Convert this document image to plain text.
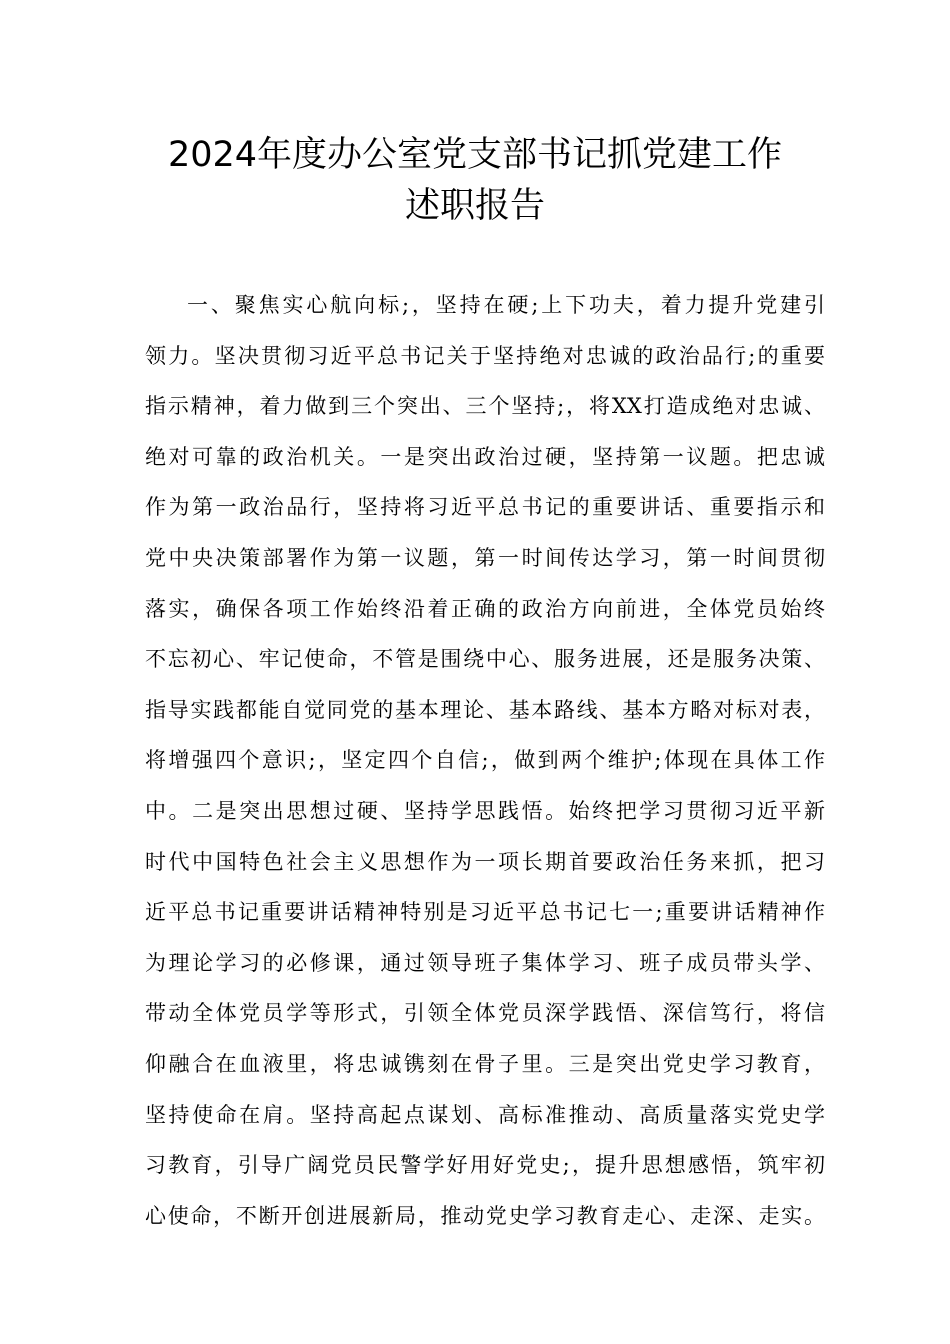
2024年度办公室党支部书记抓党建工作
述职报告
一、聚焦实心航向标;，坚持在硬;上下功夫，着力提升党建引
领力。坚决贯彻习近平总书记关于坚持绝对忠诚的政治品行;的重要
指示精神，着力做到三个突出、三个坚持;，将XX打造成绝对忠诚、
绝对可靠的政治机关。一是突出政治过硬，坚持第一议题。把忠诚
作为第一政治品行，坚持将习近平总书记的重要讲话、重要指示和
党中央决策部署作为第一议题，第一时间传达学习，第一时间贯彻
落实，确保各项工作始终沿着正确的政治方向前进，全体党员始终
不忘初心、牢记使命，不管是围绕中心、服务进展，还是服务决策、
指导实践都能自觉同党的基本理论、基本路线、基本方略对标对表，
将增强四个意识;，坚定四个自信;，做到两个维护;体现在具体工作
中。二是突出思想过硬、坚持学思践悟。始终把学习贯彻习近平新
时代中国特色社会主义思想作为一项长期首要政治任务来抓，把习
近平总书记重要讲话精神特别是习近平总书记七一;重要讲话精神作
为理论学习的必修课，通过领导班子集体学习、班子成员带头学、
带动全体党员学等形式，引领全体党员深学践悟、深信笃行，将信
仰融合在血液里，将忠诚镌刻在骨子里。三是突出党史学习教育，
坚持使命在肩。坚持高起点谋划、高标准推动、高质量落实党史学
习教育，引导广阔党员民警学好用好党史;，提升思想感悟，筑牢初
心使命，不断开创进展新局，推动党史学习教育走心、走深、走实。
